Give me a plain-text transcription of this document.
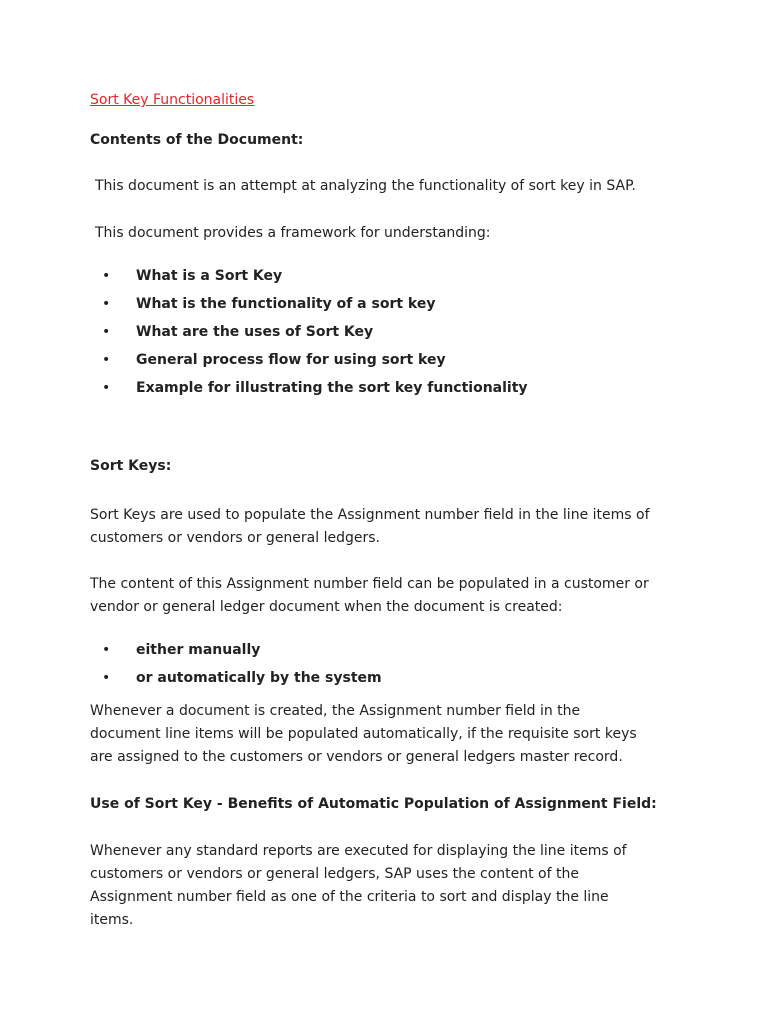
Sort Key Functionalities
Contents of the Document:
This document is an attempt at analyzing the functionality of sort key in SAP.
This document provides a framework for understanding:
• What is a Sort Key
• What is the functionality of a sort key
• What are the uses of Sort Key
• General process flow for using sort key
• Example for illustrating the sort key functionality
Sort Keys:
Sort Keys are used to populate the Assignment number field in the line items of
customers or vendors or general ledgers.
The content of this Assignment number field can be populated in a customer or
vendor or general ledger document when the document is created:
• either manually
• or automatically by the system
Whenever a document is created, the Assignment number field in the
document line items will be populated automatically, if the requisite sort keys
are assigned to the customers or vendors or general ledgers master record.
Use of Sort Key - Benefits of Automatic Population of Assignment Field:
Whenever any standard reports are executed for displaying the line items of
customers or vendors or general ledgers, SAP uses the content of the
Assignment number field as one of the criteria to sort and display the line
items.
